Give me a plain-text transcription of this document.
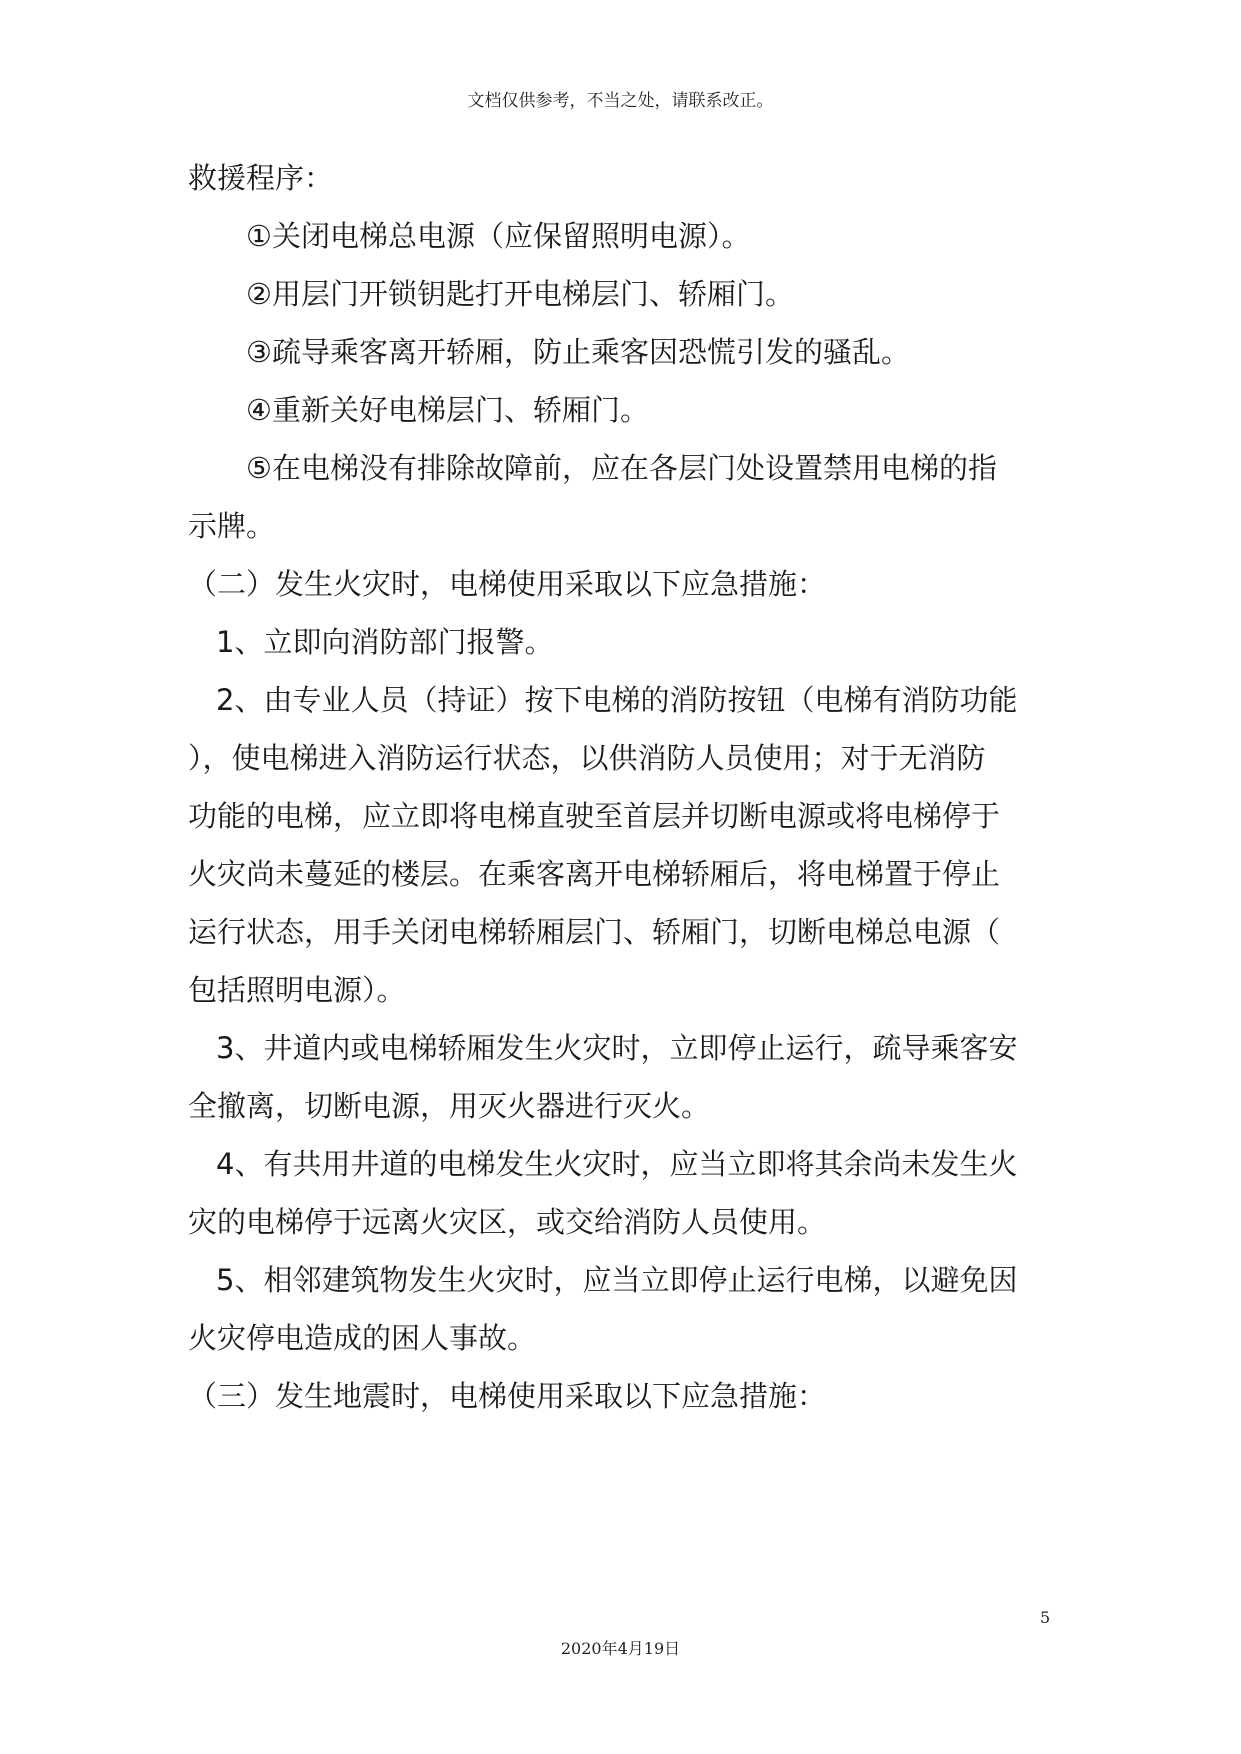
文档仅供参考，不当之处，请联系改正。
救援程序：
①关闭电梯总电源（应保留照明电源）。
②用层门开锁钥匙打开电梯层门、轿厢门。
③疏导乘客离开轿厢，防止乘客因恐慌引发的骚乱。
④重新关好电梯层门、轿厢门。
⑤在电梯没有排除故障前，应在各层门处设置禁用电梯的指
示牌。
（二）发生火灾时，电梯使用采取以下应急措施：
1、立即向消防部门报警。
2、由专业人员（持证）按下电梯的消防按钮（电梯有消防功能
），使电梯进入消防运行状态，以供消防人员使用；对于无消防
功能的电梯，应立即将电梯直驶至首层并切断电源或将电梯停于
火灾尚未蔓延的楼层。在乘客离开电梯轿厢后，将电梯置于停止
运行状态，用手关闭电梯轿厢层门、轿厢门，切断电梯总电源（
包括照明电源）。
3、井道内或电梯轿厢发生火灾时，立即停止运行，疏导乘客安
全撤离，切断电源，用灭火器进行灭火。
4、有共用井道的电梯发生火灾时，应当立即将其余尚未发生火
灾的电梯停于远离火灾区，或交给消防人员使用。
5、相邻建筑物发生火灾时，应当立即停止运行电梯，以避免因
火灾停电造成的困人事故。
（三）发生地震时，电梯使用采取以下应急措施：
5
2020年4月19日
